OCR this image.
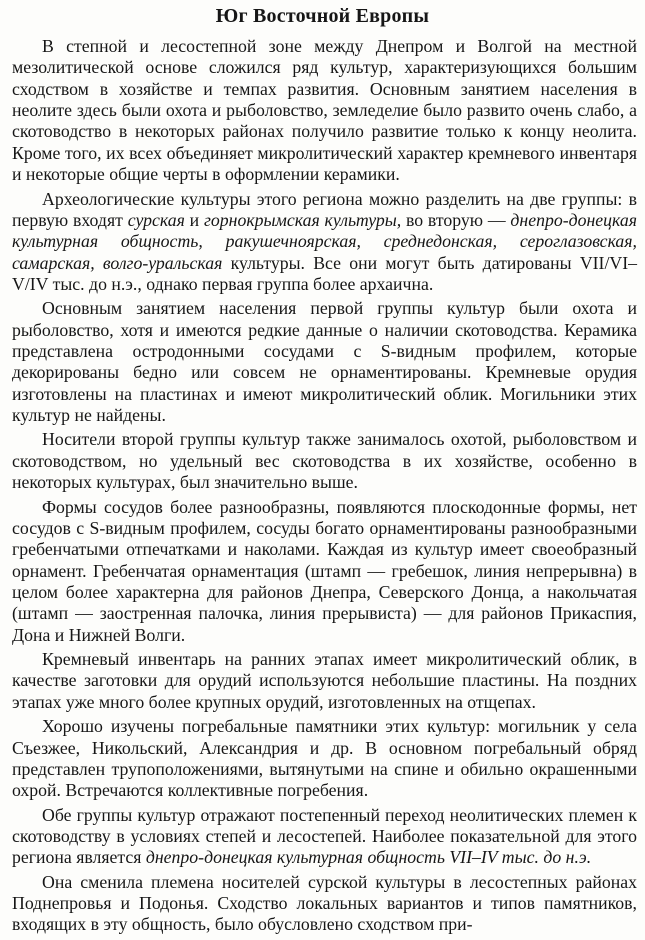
Юг Восточной Европы

В степной и лесостепной зоне между Днепром и Волгой на местной мезолитической основе сложился ряд культур, характеризующихся большим сходством в хозяйстве и темпах развития. Основным занятием населения в неолите здесь были охота и рыболовство, земледелие было развито очень слабо, а скотоводство в некоторых районах получило развитие только к концу неолита. Кроме того, их всех объединяет микролитический характер кремневого инвентаря и некоторые общие черты в оформлении керамики.

Археологические культуры этого региона можно разделить на две группы: в первую входят сурская и горнокрымская культуры, во вторую — днепро-донецкая культурная общность, ракушечноярская, среднедонская, сероглазовская, самарская, волго-уральская культуры. Все они могут быть датированы VII/VI–V/IV тыс. до н.э., однако первая группа более архаична.

Основным занятием населения первой группы культур были охота и рыболовство, хотя и имеются редкие данные о наличии скотоводства. Керамика представлена остродонными сосудами с S-видным профилем, которые декорированы бедно или совсем не орнаментированы. Кремневые орудия изготовлены на пластинах и имеют микролитический облик. Могильники этих культур не найдены.

Носители второй группы культур также занималось охотой, рыболовством и скотоводством, но удельный вес скотоводства в их хозяйстве, особенно в некоторых культурах, был значительно выше.

Формы сосудов более разнообразны, появляются плоскодонные формы, нет сосудов с S-видным профилем, сосуды богато орнаментированы разнообразными гребенчатыми отпечатками и наколами. Каждая из культур имеет своеобразный орнамент. Гребенчатая орнаментация (штамп — гребешок, линия непрерывна) в целом более характерна для районов Днепра, Северского Донца, а накольчатая (штамп — заостренная палочка, линия прерывиста) — для районов Прикаспия, Дона и Нижней Волги.

Кремневый инвентарь на ранних этапах имеет микролитический облик, в качестве заготовки для орудий используются небольшие пластины. На поздних этапах уже много более крупных орудий, изготовленных на отщепах.

Хорошо изучены погребальные памятники этих культур: могильник у села Съезжее, Никольский, Александрия и др. В основном погребальный обряд представлен трупоположениями, вытянутыми на спине и обильно окрашенными охрой. Встречаются коллективные погребения.

Обе группы культур отражают постепенный переход неолитических племен к скотоводству в условиях степей и лесостепей. Наиболее показательной для этого региона является днепро-донецкая культурная общность VII–IV тыс. до н.э.

Она сменила племена носителей сурской культуры в лесостепных районах Поднепровья и Подонья. Сходство локальных вариантов и типов памятников, входящих в эту общность, было обусловлено сходством при-
